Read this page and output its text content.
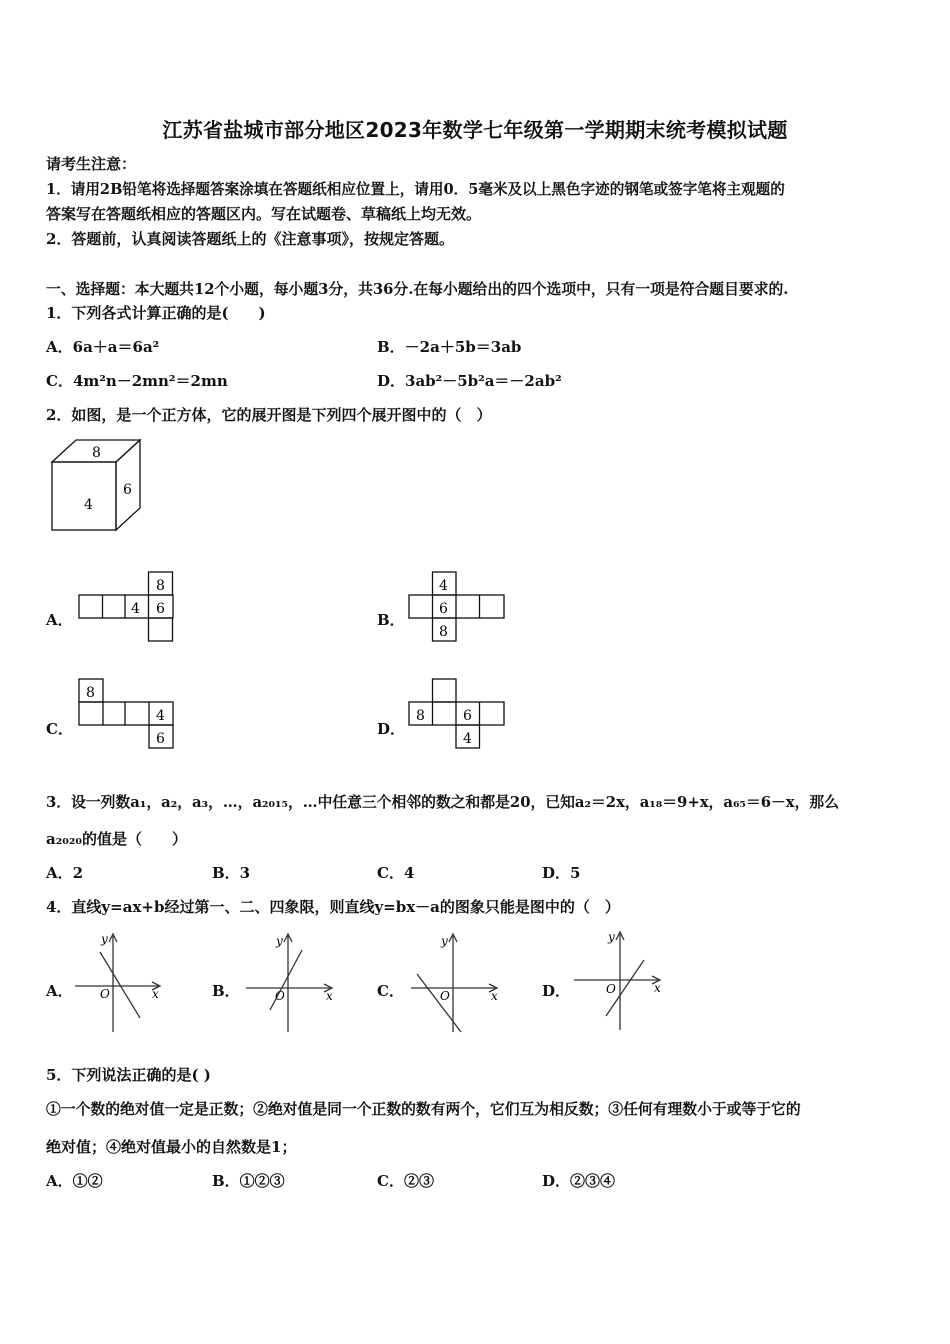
江苏省盐城市部分地区2023年数学七年级第一学期期末统考模拟试题
请考生注意：
1．请用2B铅笔将选择题答案涂填在答题纸相应位置上，请用0．5毫米及以上黑色字迹的钢笔或签字笔将主观题的
答案写在答题纸相应的答题区内。写在试题卷、草稿纸上均无效。
2．答题前，认真阅读答题纸上的《注意事项》，按规定答题。
一、选择题：本大题共12个小题，每小题3分，共36分.在每小题给出的四个选项中，只有一项是符合题目要求的.
1．下列各式计算正确的是(　　)
A．6a＋a＝6a²	B．－2a＋5b＝3ab
C．4m²n－2mn²＝2mn	D．3ab²－5b²a＝－2ab²
2．如图，是一个正方体，它的展开图是下列四个展开图中的（　）
8
4
6
A．
8
4 6
B．
4
6
8
C．
8
4
6
D．
8	6
4
3．设一列数a₁，a₂，a₃，…，a₂₀₁₅，…中任意三个相邻的数之和都是20，已知a₂＝2x，a₁₈＝9+x，a₆₅＝6－x，那么
a₂₀₂₀的值是（　　）
A．2	B．3	C．4	D．5
4．直线y=ax+b经过第一、二、四象限，则直线y=bx－a的图象只能是图中的（　）
A．
y
x
O	B．
y
x
O	C．
y
x
O	D．
y
x
O
5．下列说法正确的是( )
①一个数的绝对值一定是正数；②绝对值是同一个正数的数有两个，它们互为相反数；③任何有理数小于或等于它的
绝对值；④绝对值最小的自然数是1；
A．①②	B．①②③	C．②③	D．②③④
